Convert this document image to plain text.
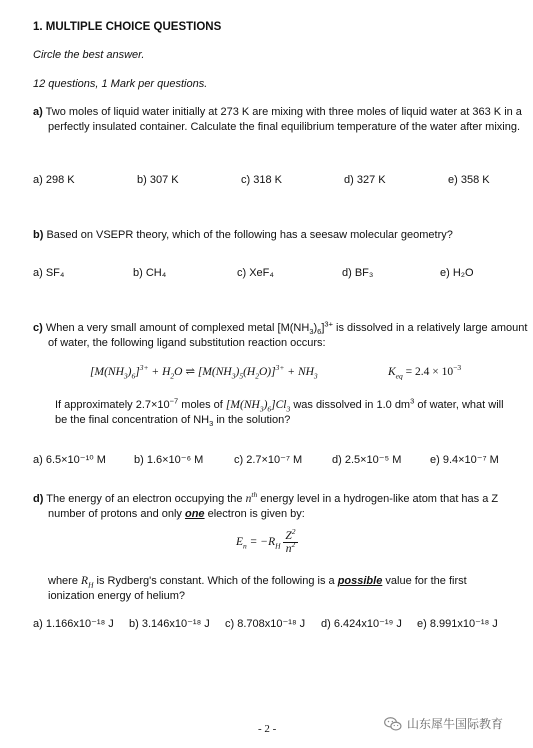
1. MULTIPLE CHOICE QUESTIONS
Circle the best answer.
12 questions, 1 Mark per questions.
a) Two moles of liquid water initially at 273 K are mixing with three moles of liquid water at 363 K in a perfectly insulated container. Calculate the final equilibrium temperature of the water after mixing.
a) 298 K	b) 307 K	c) 318 K	d) 327 K	e) 358 K
b) Based on VSEPR theory, which of the following has a seesaw molecular geometry?
a) SF₄	b) CH₄	c) XeF₄	d) BF₃	e) H₂O
c) When a very small amount of complexed metal $[M(NH_3)_6]^{3+}$ is dissolved in a relatively large amount of water, the following ligand substitution reaction occurs:
$[M(NH_3)_6]^{3+} + H_2O$ ⇌ $[M(NH_3)_5(H_2O)]^{3+} + NH_3$	$K_{eq} = 2.4 \times 10^{-3}$
If approximately $2.7\times 10^{-7}$ moles of $[M(NH_3)_6]Cl_3$ was dissolved in 1.0 $dm^3$ of water, what will be the final concentration of $NH_3$ in the solution?
a) 6.5×10⁻¹⁰ M	b) 1.6×10⁻⁶ M	c) 2.7×10⁻⁷ M	d) 2.5×10⁻⁵ M	e) 9.4×10⁻⁷ M
d) The energy of an electron occupying the $n^{th}$ energy level in a hydrogen-like atom that has a Z number of protons and only one electron is given by:
$E_n = -R_H \frac{Z^2}{n^2}$
where $R_H$ is Rydberg's constant. Which of the following is a possible value for the first ionization energy of helium?
a) 1.166x10⁻¹⁸ J b) 3.146x10⁻¹⁸ J c) 8.708x10⁻¹⁸ J d) 6.424x10⁻¹⁹ J e) 8.991x10⁻¹⁸ J
- 2 -	山东犀牛国际教育
